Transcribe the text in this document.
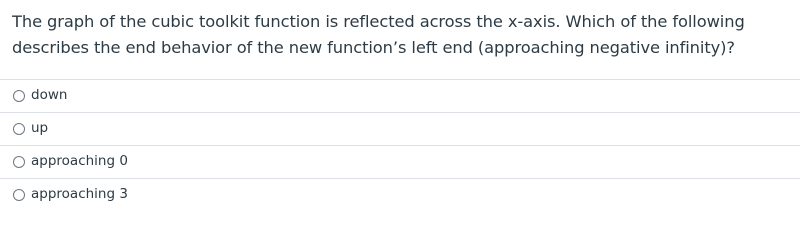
The graph of the cubic toolkit function is reflected across the x-axis. Which of the following describes the end behavior of the new function’s left end (approaching negative infinity)?
down
up
approaching 0
approaching 3
